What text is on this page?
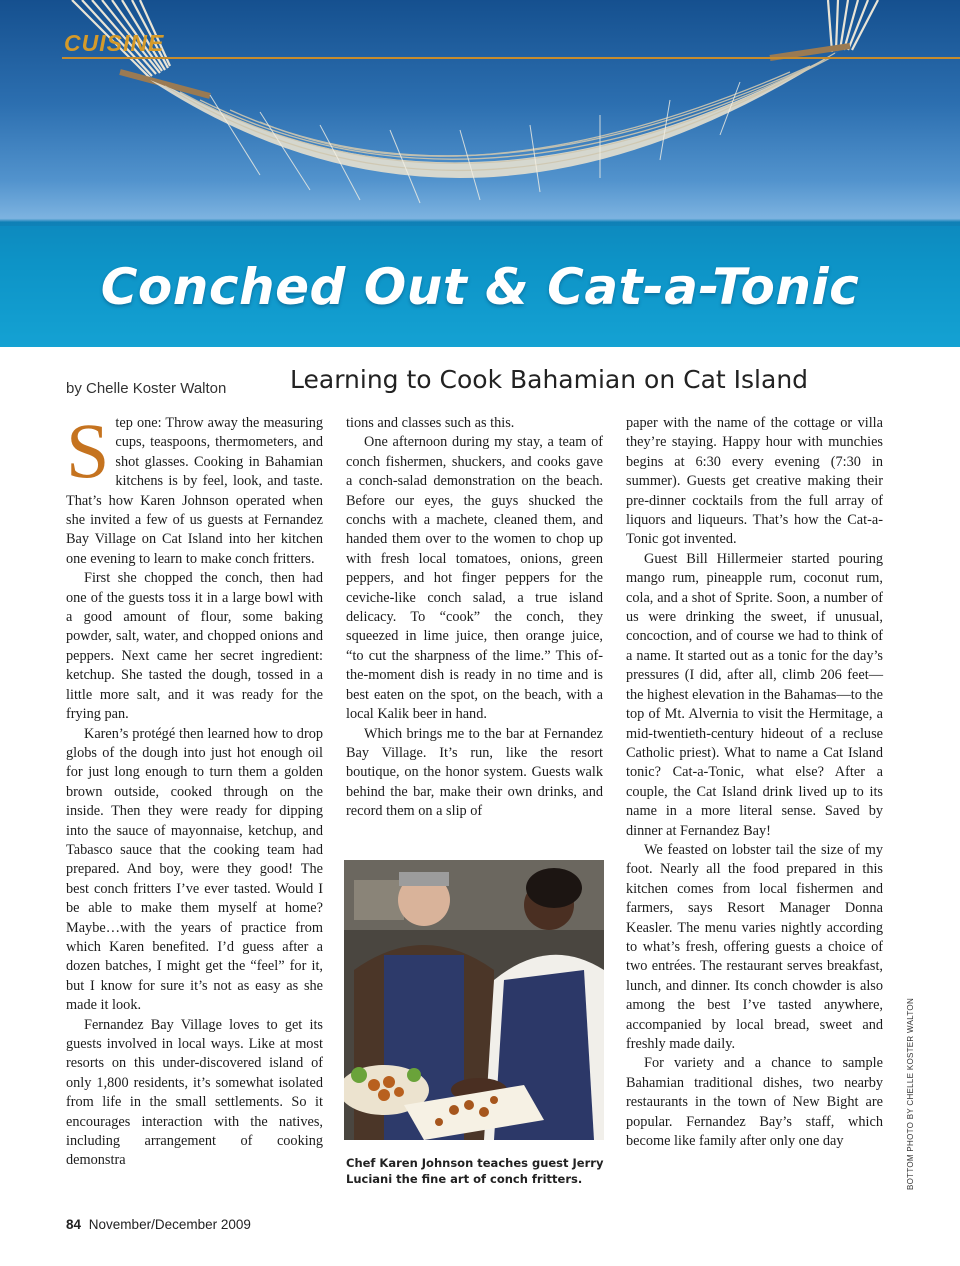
CUISINE
Conched Out & Cat-a-Tonic
by Chelle Koster Walton	Learning to Cook Bahamian on Cat Island

Step one: Throw away the measuring cups, teaspoons, thermometers, and shot glasses. Cooking in Bahamian kitchens is by feel, look, and taste. That’s how Karen Johnson operated when she invited a few of us guests at Fernandez Bay Village on Cat Island into her kitchen one evening to learn to make conch fritters.

First she chopped the conch, then had one of the guests toss it in a large bowl with a good amount of flour, some baking powder, salt, water, and chopped onions and peppers. Next came her secret ingredient: ketchup. She tasted the dough, tossed in a little more salt, and it was ready for the frying pan.

Karen’s protégé then learned how to drop globs of the dough into just hot enough oil for just long enough to turn them a golden brown outside, cooked through on the inside. Then they were ready for dipping into the sauce of mayonnaise, ketchup, and Tabasco sauce that the cooking team had prepared. And boy, were they good! The best conch fritters I’ve ever tasted. Would I be able to make them myself at home? Maybe…with the years of practice from which Karen benefited. I’d guess after a dozen batches, I might get the “feel” for it, but I know for sure it’s not as easy as she made it look.

Fernandez Bay Village loves to get its guests involved in local ways. Like at most resorts on this under-discovered island of only 1,800 residents, it’s somewhat isolated from life in the small settlements. So it encourages interaction with the natives, including arrangement of cooking demonstra

tions and classes such as this.

One afternoon during my stay, a team of conch fishermen, shuckers, and cooks gave a conch-salad demonstration on the beach. Before our eyes, the guys shucked the conchs with a machete, cleaned them, and handed them over to the women to chop up with fresh local tomatoes, onions, green peppers, and hot finger peppers for the ceviche-like conch salad, a true island delicacy. To “cook” the conch, they squeezed in lime juice, then orange juice, “to cut the sharpness of the lime.” This of-the-moment dish is ready in no time and is best eaten on the spot, on the beach, with a local Kalik beer in hand.

Which brings me to the bar at Fernandez Bay Village. It’s run, like the resort boutique, on the honor system. Guests walk behind the bar, make their own drinks, and record them on a slip of

Chef Karen Johnson teaches guest Jerry Luciani the fine art of conch fritters.

paper with the name of the cottage or villa they’re staying. Happy hour with munchies begins at 6:30 every evening (7:30 in summer). Guests get creative making their pre-dinner cocktails from the full array of liquors and liqueurs. That’s how the Cat-a-Tonic got invented.

Guest Bill Hillermeier started pouring mango rum, pineapple rum, coconut rum, cola, and a shot of Sprite. Soon, a number of us were drinking the sweet, if unusual, concoction, and of course we had to think of a name. It started out as a tonic for the day’s pressures (I did, after all, climb 206 feet—the highest elevation in the Bahamas—to the top of Mt. Alvernia to visit the Hermitage, a mid-twentieth-century hideout of a recluse Catholic priest). What to name a Cat Island tonic? Cat-a-Tonic, what else? After a couple, the Cat Island drink lived up to its name in a more literal sense. Saved by dinner at Fernandez Bay!

We feasted on lobster tail the size of my foot. Nearly all the food prepared in this kitchen comes from local fishermen and farmers, says Resort Manager Donna Keasler. The menu varies nightly according to what’s fresh, offering guests a choice of two entrées. The restaurant serves breakfast, lunch, and dinner. Its conch chowder is also among the best I’ve tasted anywhere, accompanied by local bread, sweet and freshly made daily.

For variety and a chance to sample Bahamian traditional dishes, two nearby restaurants in the town of New Bight are popular. Fernandez Bay’s staff, which become like family after only one day	BOTTOM PHOTO BY CHELLE KOSTER WALTON
84 November/December 2009
